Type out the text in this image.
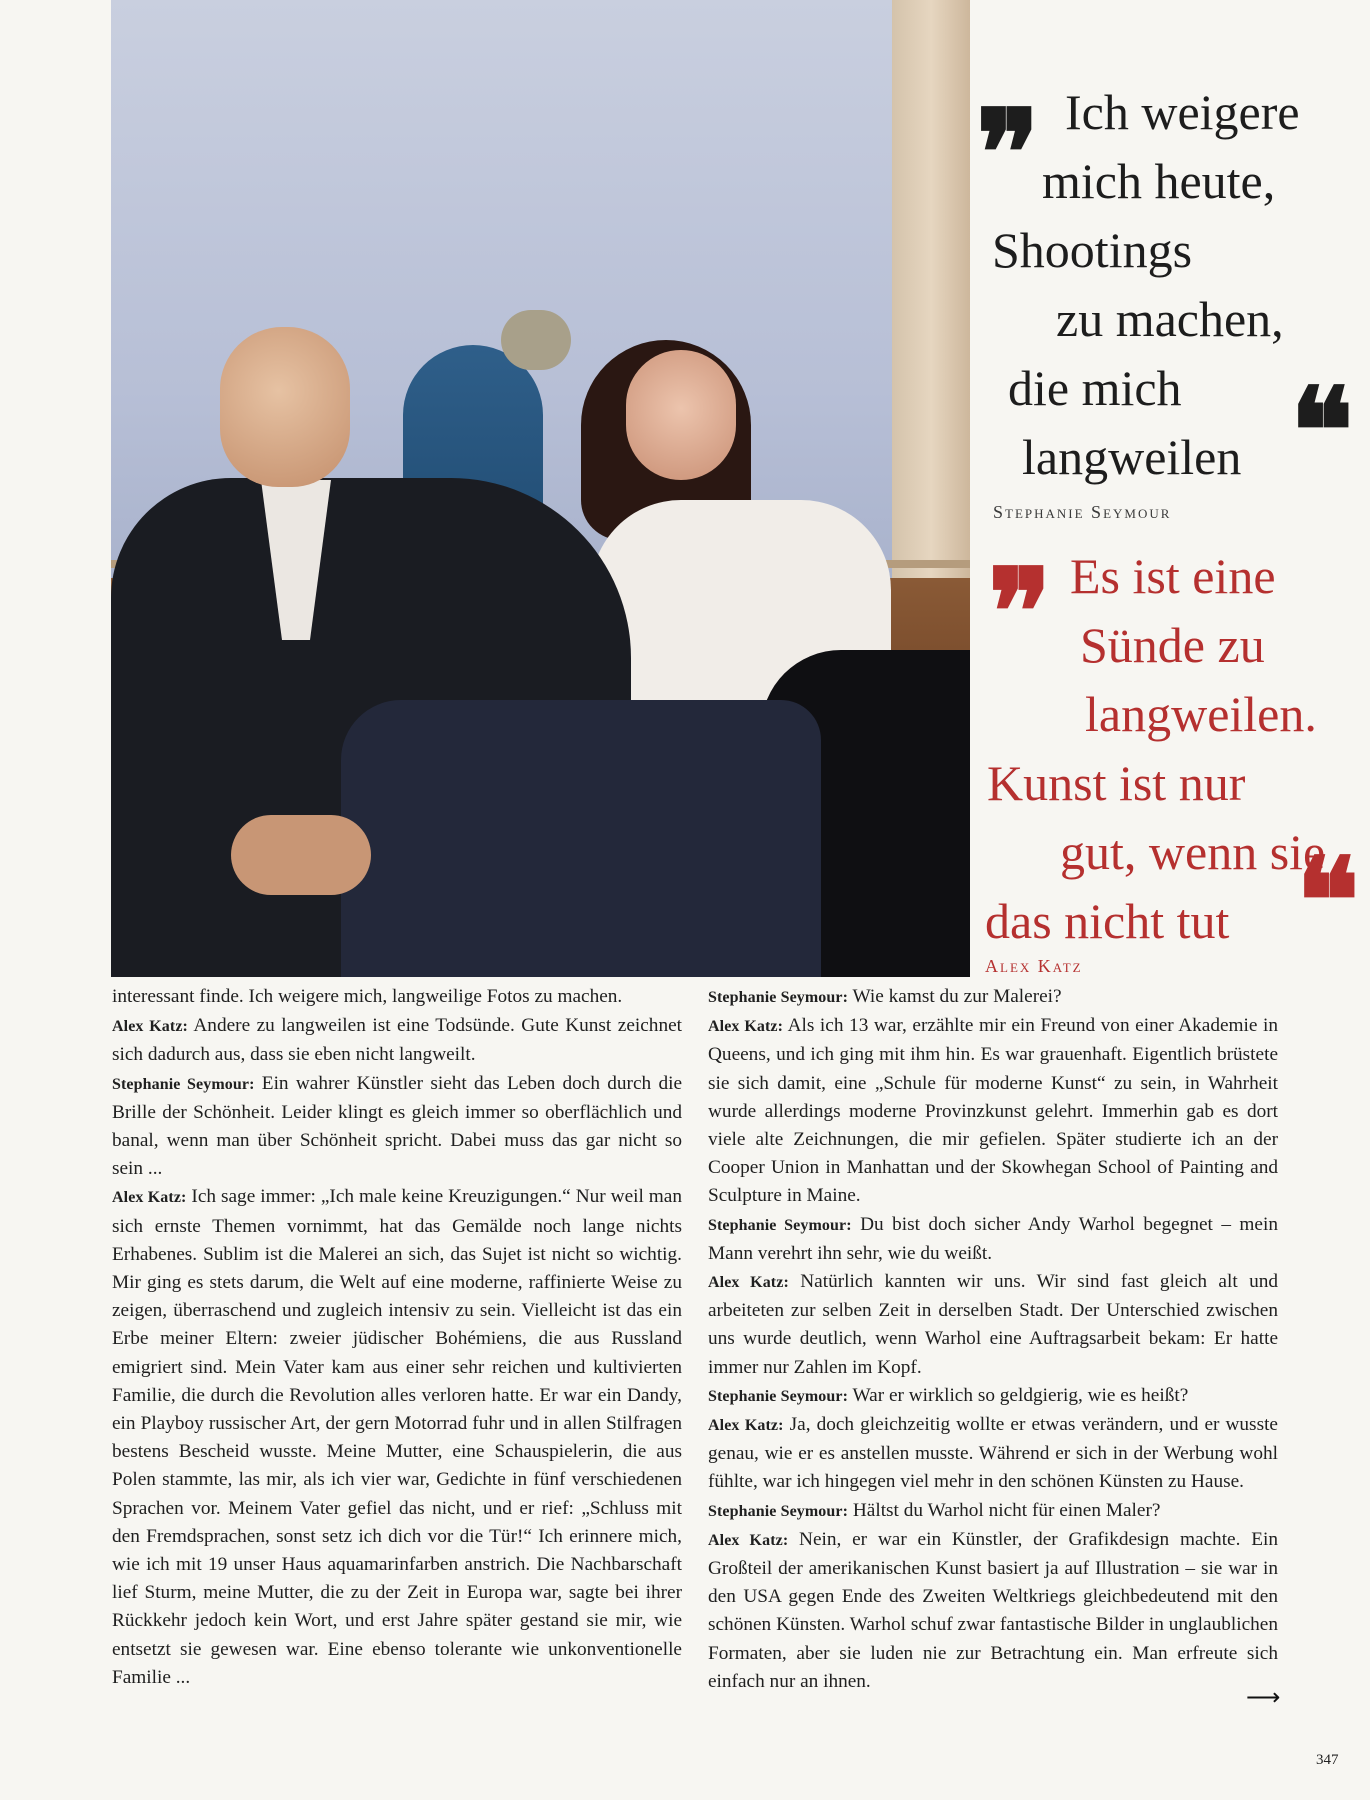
❞ Ich weigere
mich heute,
Shootings
zu machen,
die mich
langweilen ❝
Stephanie Seymour
❞ Es ist eine
Sünde zu
langweilen.
Kunst ist nur
gut, wenn sie
das nicht tut ❝
Alex Katz

interessant finde. Ich weigere mich, langweilige Fotos zu machen.

Alex Katz: Andere zu langweilen ist eine Todsünde. Gute Kunst zeichnet sich dadurch aus, dass sie eben nicht langweilt.

Stephanie Seymour: Ein wahrer Künstler sieht das Leben doch durch die Brille der Schönheit. Leider klingt es gleich immer so oberflächlich und banal, wenn man über Schönheit spricht. Dabei muss das gar nicht so sein ...

Alex Katz: Ich sage immer: „Ich male keine Kreuzigungen.“ Nur weil man sich ernste Themen vornimmt, hat das Gemälde noch lange nichts Erhabenes. Sublim ist die Malerei an sich, das Sujet ist nicht so wichtig. Mir ging es stets darum, die Welt auf eine moderne, raffinierte Weise zu zeigen, überraschend und zugleich intensiv zu sein. Vielleicht ist das ein Erbe meiner Eltern: zweier jüdischer Bohémiens, die aus Russland emigriert sind. Mein Vater kam aus einer sehr reichen und kultivierten Familie, die durch die Revolution alles verloren hatte. Er war ein Dandy, ein Playboy russischer Art, der gern Motorrad fuhr und in allen Stilfragen bestens Bescheid wusste. Meine Mutter, eine Schauspielerin, die aus Polen stammte, las mir, als ich vier war, Gedichte in fünf verschiedenen Sprachen vor. Meinem Vater gefiel das nicht, und er rief: „Schluss mit den Fremdsprachen, sonst setz ich dich vor die Tür!“ Ich erinnere mich, wie ich mit 19 unser Haus aquamarinfarben anstrich. Die Nachbarschaft lief Sturm, meine Mutter, die zu der Zeit in Europa war, sagte bei ihrer Rückkehr jedoch kein Wort, und erst Jahre später gestand sie mir, wie entsetzt sie gewesen war. Eine ebenso tolerante wie unkonventionelle Familie ...

Stephanie Seymour: Wie kamst du zur Malerei?

Alex Katz: Als ich 13 war, erzählte mir ein Freund von einer Akademie in Queens, und ich ging mit ihm hin. Es war grauenhaft. Eigentlich brüstete sie sich damit, eine „Schule für moderne Kunst“ zu sein, in Wahrheit wurde allerdings moderne Provinzkunst gelehrt. Immerhin gab es dort viele alte Zeichnungen, die mir gefielen. Später studierte ich an der Cooper Union in Manhattan und der Skowhegan School of Painting and Sculpture in Maine.

Stephanie Seymour: Du bist doch sicher Andy Warhol begegnet – mein Mann verehrt ihn sehr, wie du weißt.

Alex Katz: Natürlich kannten wir uns. Wir sind fast gleich alt und arbeiteten zur selben Zeit in derselben Stadt. Der Unterschied zwischen uns wurde deutlich, wenn Warhol eine Auftragsarbeit bekam: Er hatte immer nur Zahlen im Kopf.

Stephanie Seymour: War er wirklich so geldgierig, wie es heißt?

Alex Katz: Ja, doch gleichzeitig wollte er etwas verändern, und er wusste genau, wie er es anstellen musste. Während er sich in der Werbung wohl fühlte, war ich hingegen viel mehr in den schönen Künsten zu Hause.

Stephanie Seymour: Hältst du Warhol nicht für einen Maler?

Alex Katz: Nein, er war ein Künstler, der Grafikdesign machte. Ein Großteil der amerikanischen Kunst basiert ja auf Illustration – sie war in den USA gegen Ende des Zweiten Weltkriegs gleichbedeutend mit den schönen Künsten. Warhol schuf zwar fantastische Bilder in unglaublichen Formaten, aber sie luden nie zur Betrachtung ein. Man erfreute sich einfach nur an ihnen.

⟶
347
